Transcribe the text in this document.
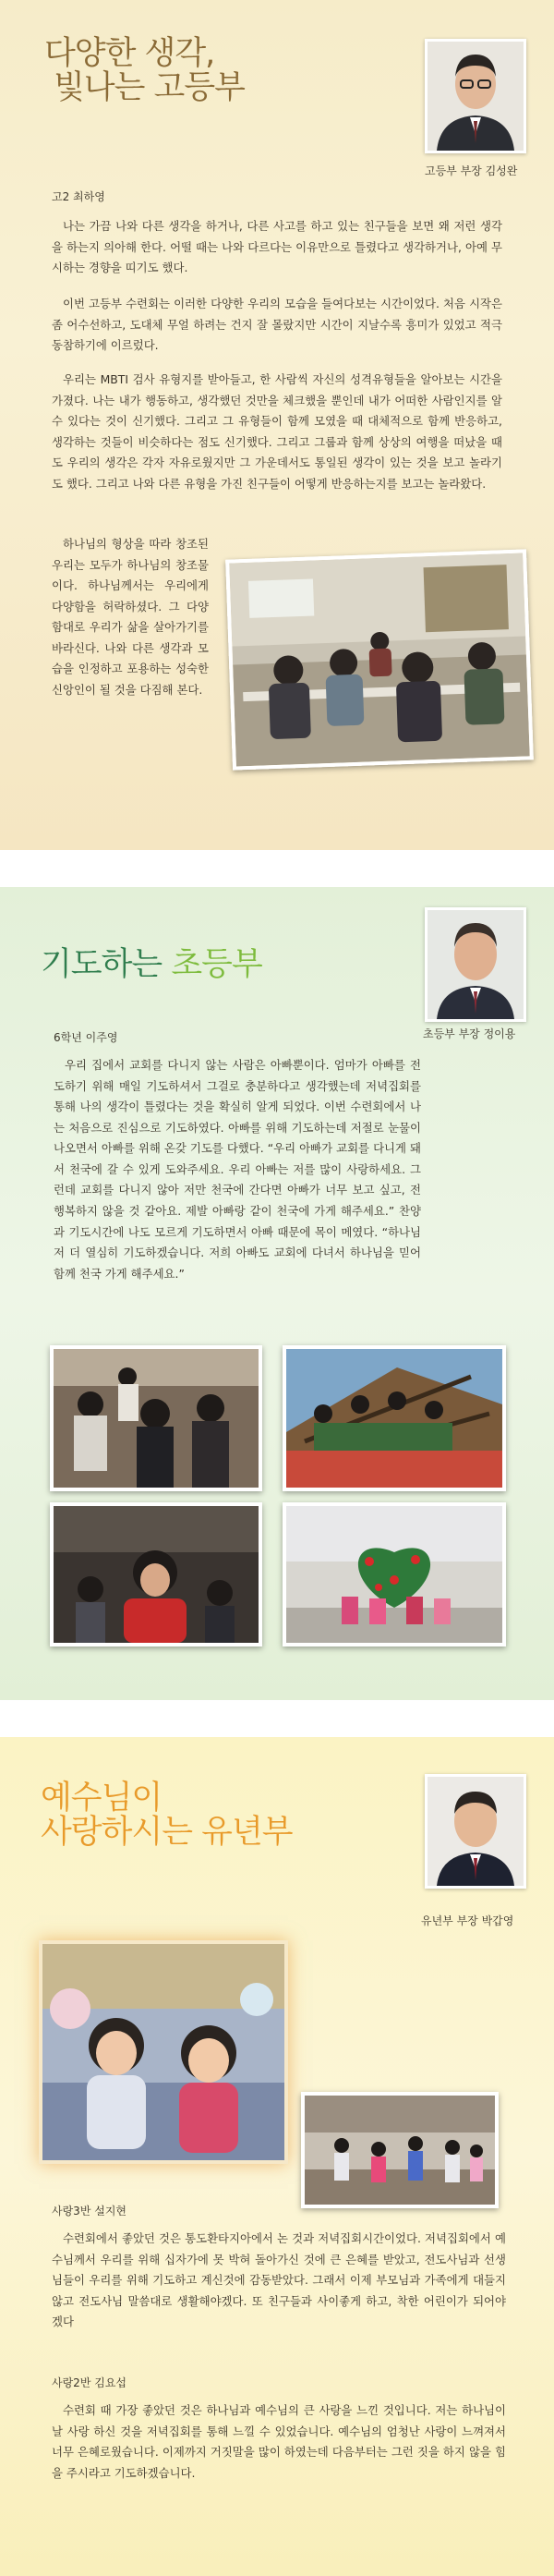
다양한 생각,
빛나는 고등부
고등부 부장 김성완
고2 최하영

나는 가끔 나와 다른 생각을 하거나, 다른 사고를 하고 있는 친구들을 보면 왜 저런 생각을 하는지 의아해 한다. 어떨 때는 나와 다르다는 이유만으로 틀렸다고 생각하거나, 아예 무시하는 경향을 띠기도 했다.

이번 고등부 수련회는 이러한 다양한 우리의 모습을 들여다보는 시간이었다. 처음 시작은 좀 어수선하고, 도대체 무얼 하려는 건지 잘 몰랐지만 시간이 지날수록 흥미가 있었고 적극 동참하기에 이르렀다.

우리는 MBTI 검사 유형지를 받아들고, 한 사람씩 자신의 성격유형들을 알아보는 시간을 가졌다. 나는 내가 행동하고, 생각했던 것만을 체크했을 뿐인데 내가 어떠한 사람인지를 알 수 있다는 것이 신기했다. 그리고 그 유형들이 함께 모였을 때 대체적으로 함께 반응하고, 생각하는 것들이 비슷하다는 점도 신기했다. 그리고 그룹과 함께 상상의 여행을 떠났을 때도 우리의 생각은 각자 자유로웠지만 그 가운데서도 통일된 생각이 있는 것을 보고 놀라기도 했다. 그리고 나와 다른 유형을 가진 친구들이 어떻게 반응하는지를 보고는 놀라왔다.

하나님의 형상을 따라 창조된 우리는 모두가 하나님의 창조물이다. 하나님께서는 우리에게 다양함을 허락하셨다. 그 다양함대로 우리가 삶을 살아가기를 바라신다. 나와 다른 생각과 모습을 인정하고 포용하는 성숙한 신앙인이 될 것을 다짐해 본다.

기도하는 초등부
초등부 부장 정이용
6학년 이주영

우리 집에서 교회를 다니지 않는 사람은 아빠뿐이다. 엄마가 아빠를 전도하기 위해 매일 기도하셔서 그걸로 충분하다고 생각했는데 저녁집회를 통해 나의 생각이 틀렸다는 것을 확실히 알게 되었다. 이번 수련회에서 나는 처음으로 진심으로 기도하였다. 아빠를 위해 기도하는데 저절로 눈물이 나오면서 아빠를 위해 온갖 기도를 다했다. “우리 아빠가 교회를 다니게 돼서 천국에 갈 수 있게 도와주세요. 우리 아빠는 저를 많이 사랑하세요. 그런데 교회를 다니지 않아 저만 천국에 간다면 아빠가 너무 보고 싶고, 전 행복하지 않을 것 같아요. 제발 아빠랑 같이 천국에 가게 해주세요.” 찬양과 기도시간에 나도 모르게 기도하면서 아빠 때문에 목이 메였다. “하나님 저 더 열심히 기도하겠습니다. 저희 아빠도 교회에 다녀서 하나님을 믿어 함께 천국 가게 해주세요.”

예수님이
사랑하시는 유년부
유년부 부장 박갑영
사랑3반 설지현

수련회에서 좋았던 것은 통도환타지아에서 논 것과 저녁집회시간이었다. 저녁집회에서 예수님께서 우리를 위해 십자가에 못 박혀 돌아가신 것에 큰 은혜를 받았고, 전도사님과 선생님들이 우리를 위해 기도하고 계신것에 감동받았다. 그래서 이제 부모님과 가족에게 대들지 않고 전도사님 말씀대로 생활해야겠다. 또 친구들과 사이좋게 하고, 착한 어린이가 되어야 겠다

사랑2반 김요섭

수련회 때 가장 좋았던 것은 하나님과 예수님의 큰 사랑을 느낀 것입니다. 저는 하나님이 날 사랑 하신 것을 저녁집회를 통해 느낄 수 있었습니다. 예수님의 엄청난 사랑이 느껴져서 너무 은혜로웠습니다. 이제까지 거짓말을 많이 하였는데 다음부터는 그런 짓을 하지 않을 힘을 주시라고 기도하겠습니다.
